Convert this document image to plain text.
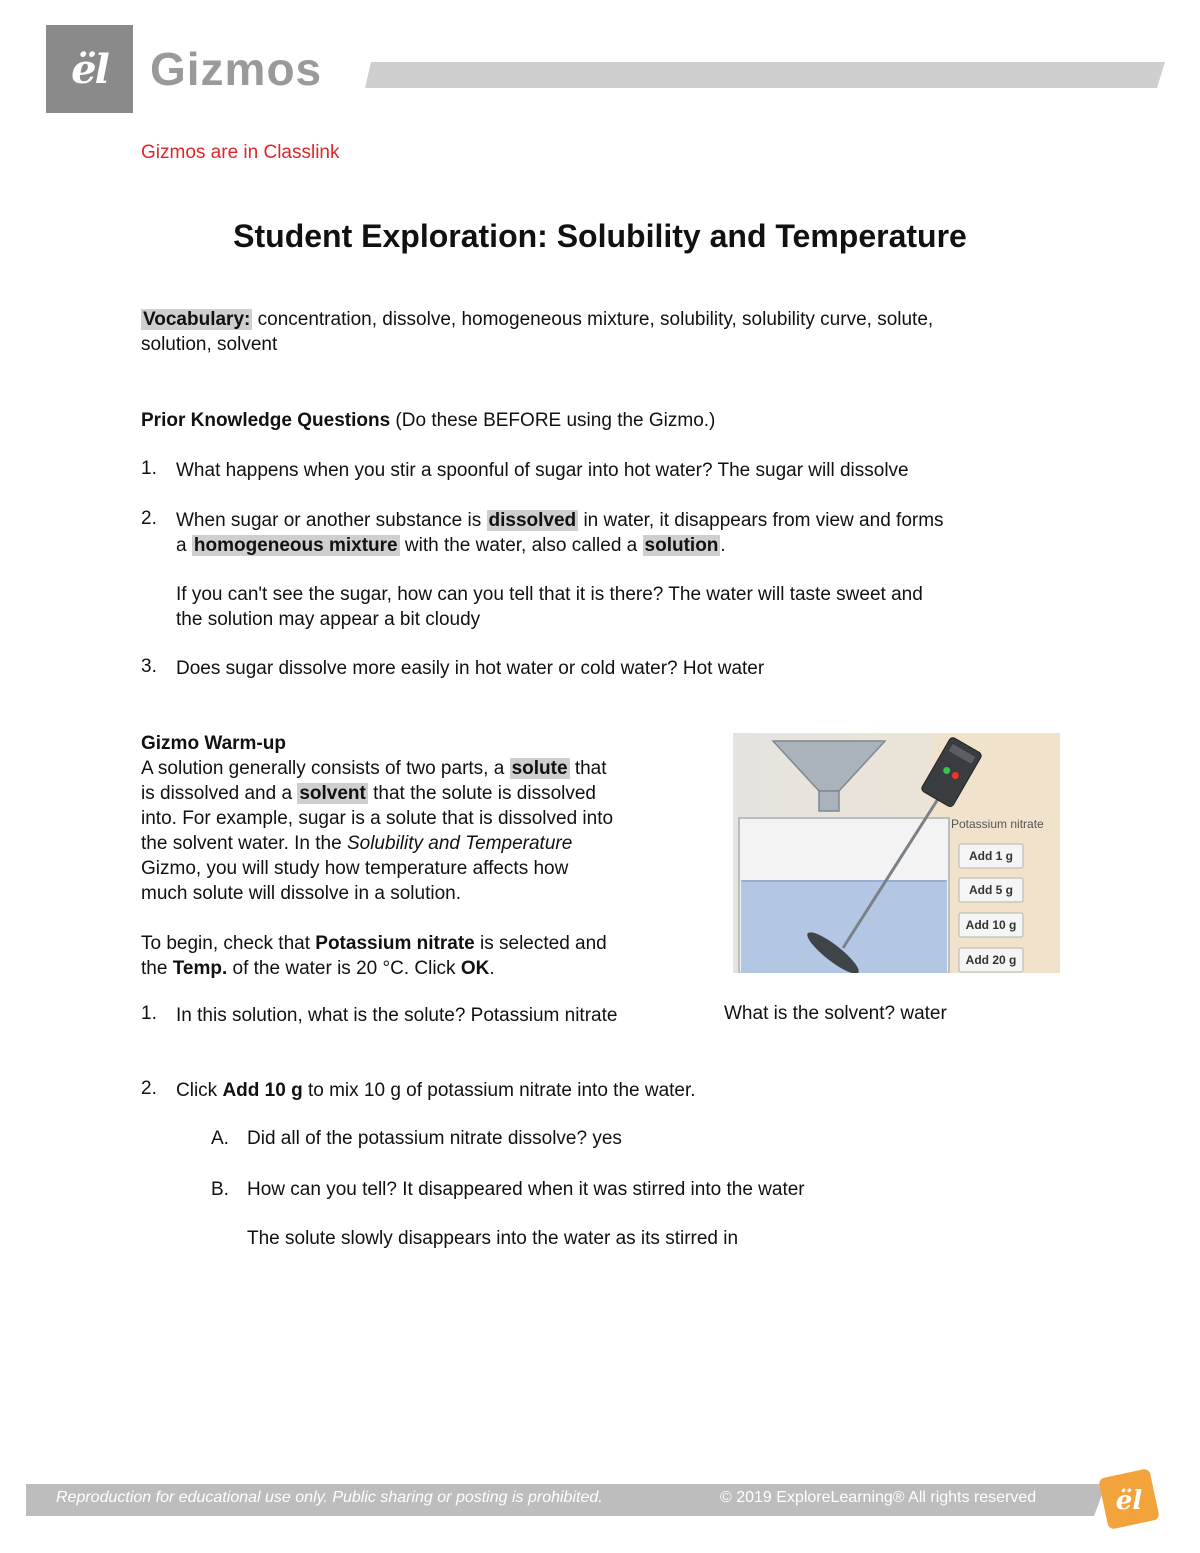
ël Gizmos
Gizmos are in Classlink
Student Exploration: Solubility and Temperature
Vocabulary: concentration, dissolve, homogeneous mixture, solubility, solubility curve, solute,
solution, solvent
Prior Knowledge Questions (Do these BEFORE using the Gizmo.)
1. What happens when you stir a spoonful of sugar into hot water? The sugar will dissolve
2. When sugar or another substance is dissolved in water, it disappears from view and forms
a homogeneous mixture with the water, also called a solution .
If you can't see the sugar, how can you tell that it is there? The water will taste sweet and
the solution may appear a bit cloudy
3. Does sugar dissolve more easily in hot water or cold water? Hot water
Gizmo Warm-up
A solution generally consists of two parts, a solute that
is dissolved and a solvent that the solute is dissolved
into. For example, sugar is a solute that is dissolved into
the solvent water. In the Solubility and Temperature
Gizmo, you will study how temperature affects how
much solute will dissolve in a solution.

To begin, check that Potassium nitrate is selected and
the Temp. of the water is 20 °C. Click OK.
Potassium nitrate
Add 1 g
Add 5 g
Add 10 g
Add 20 g
1. In this solution, what is the solute? Potassium nitrate	What is the solvent? water
2. Click Add 10 g to mix 10 g of potassium nitrate into the water.
A. Did all of the potassium nitrate dissolve? yes
B. How can you tell? It disappeared when it was stirred into the water
The solute slowly disappears into the water as its stirred in
Reproduction for educational use only. Public sharing or posting is prohibited.	© 2019 ExploreLearning® All rights reserved	ël
